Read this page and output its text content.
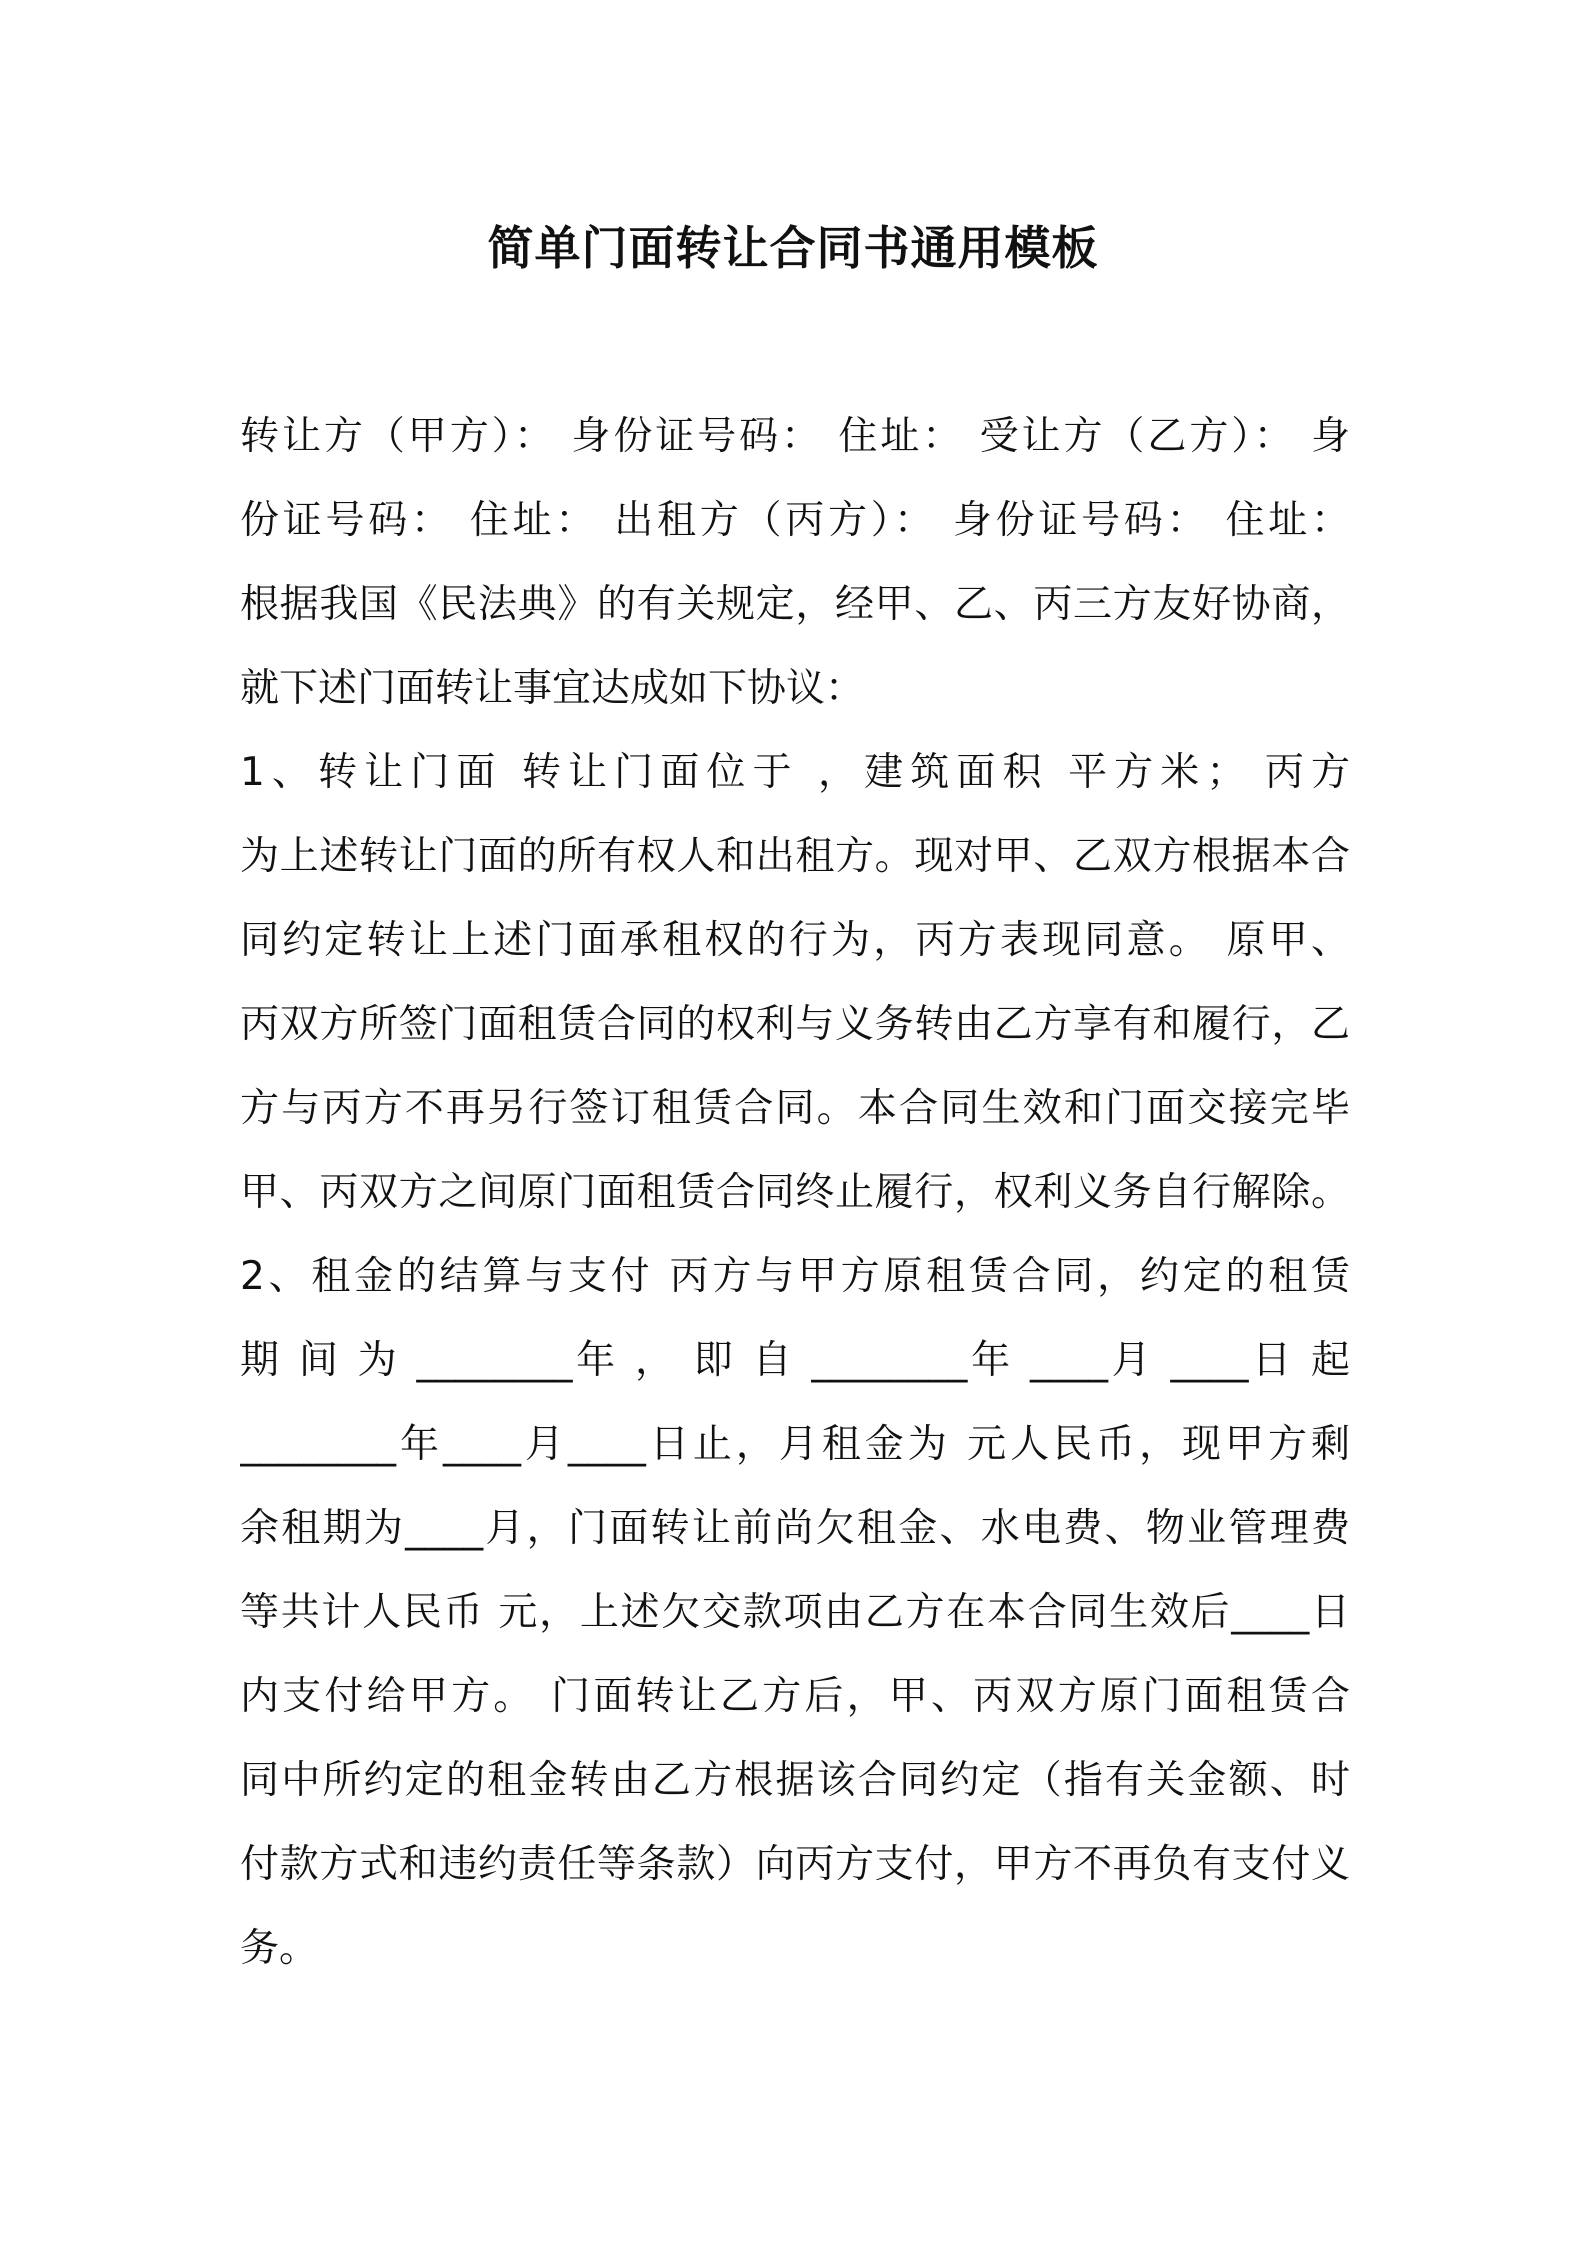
简单门面转让合同书通用模板
转让方（甲方）： 身份证号码： 住址： 受让方（乙方）： 身
份证号码： 住址： 出租方（丙方）： 身份证号码： 住址：
根据我国《民法典》的有关规定，经甲、乙、丙三方友好协商，
就下述门面转让事宜达成如下协议：
1、转让门面 转让门面位于 ，建筑面积 平方米； 丙方
为上述转让门面的所有权人和出租方。现对甲、乙双方根据本合
同约定转让上述门面承租权的行为，丙方表现同意。 原甲、
丙双方所签门面租赁合同的权利与义务转由乙方享有和履行，乙
方与丙方不再另行签订租赁合同。本合同生效和门面交接完毕
甲、丙双方之间原门面租赁合同终止履行，权利义务自行解除。
2、租金的结算与支付 丙方与甲方原租赁合同，约定的租赁
期 间 为 ________年 ， 即 自 ________年 ____月 ____日 起
________年____月____日止，月租金为 元人民币，现甲方剩
余租期为____月，门面转让前尚欠租金、水电费、物业管理费
等共计人民币 元，上述欠交款项由乙方在本合同生效后____日
内支付给甲方。 门面转让乙方后，甲、丙双方原门面租赁合
同中所约定的租金转由乙方根据该合同约定（指有关金额、时
付款方式和违约责任等条款）向丙方支付，甲方不再负有支付义
务。
